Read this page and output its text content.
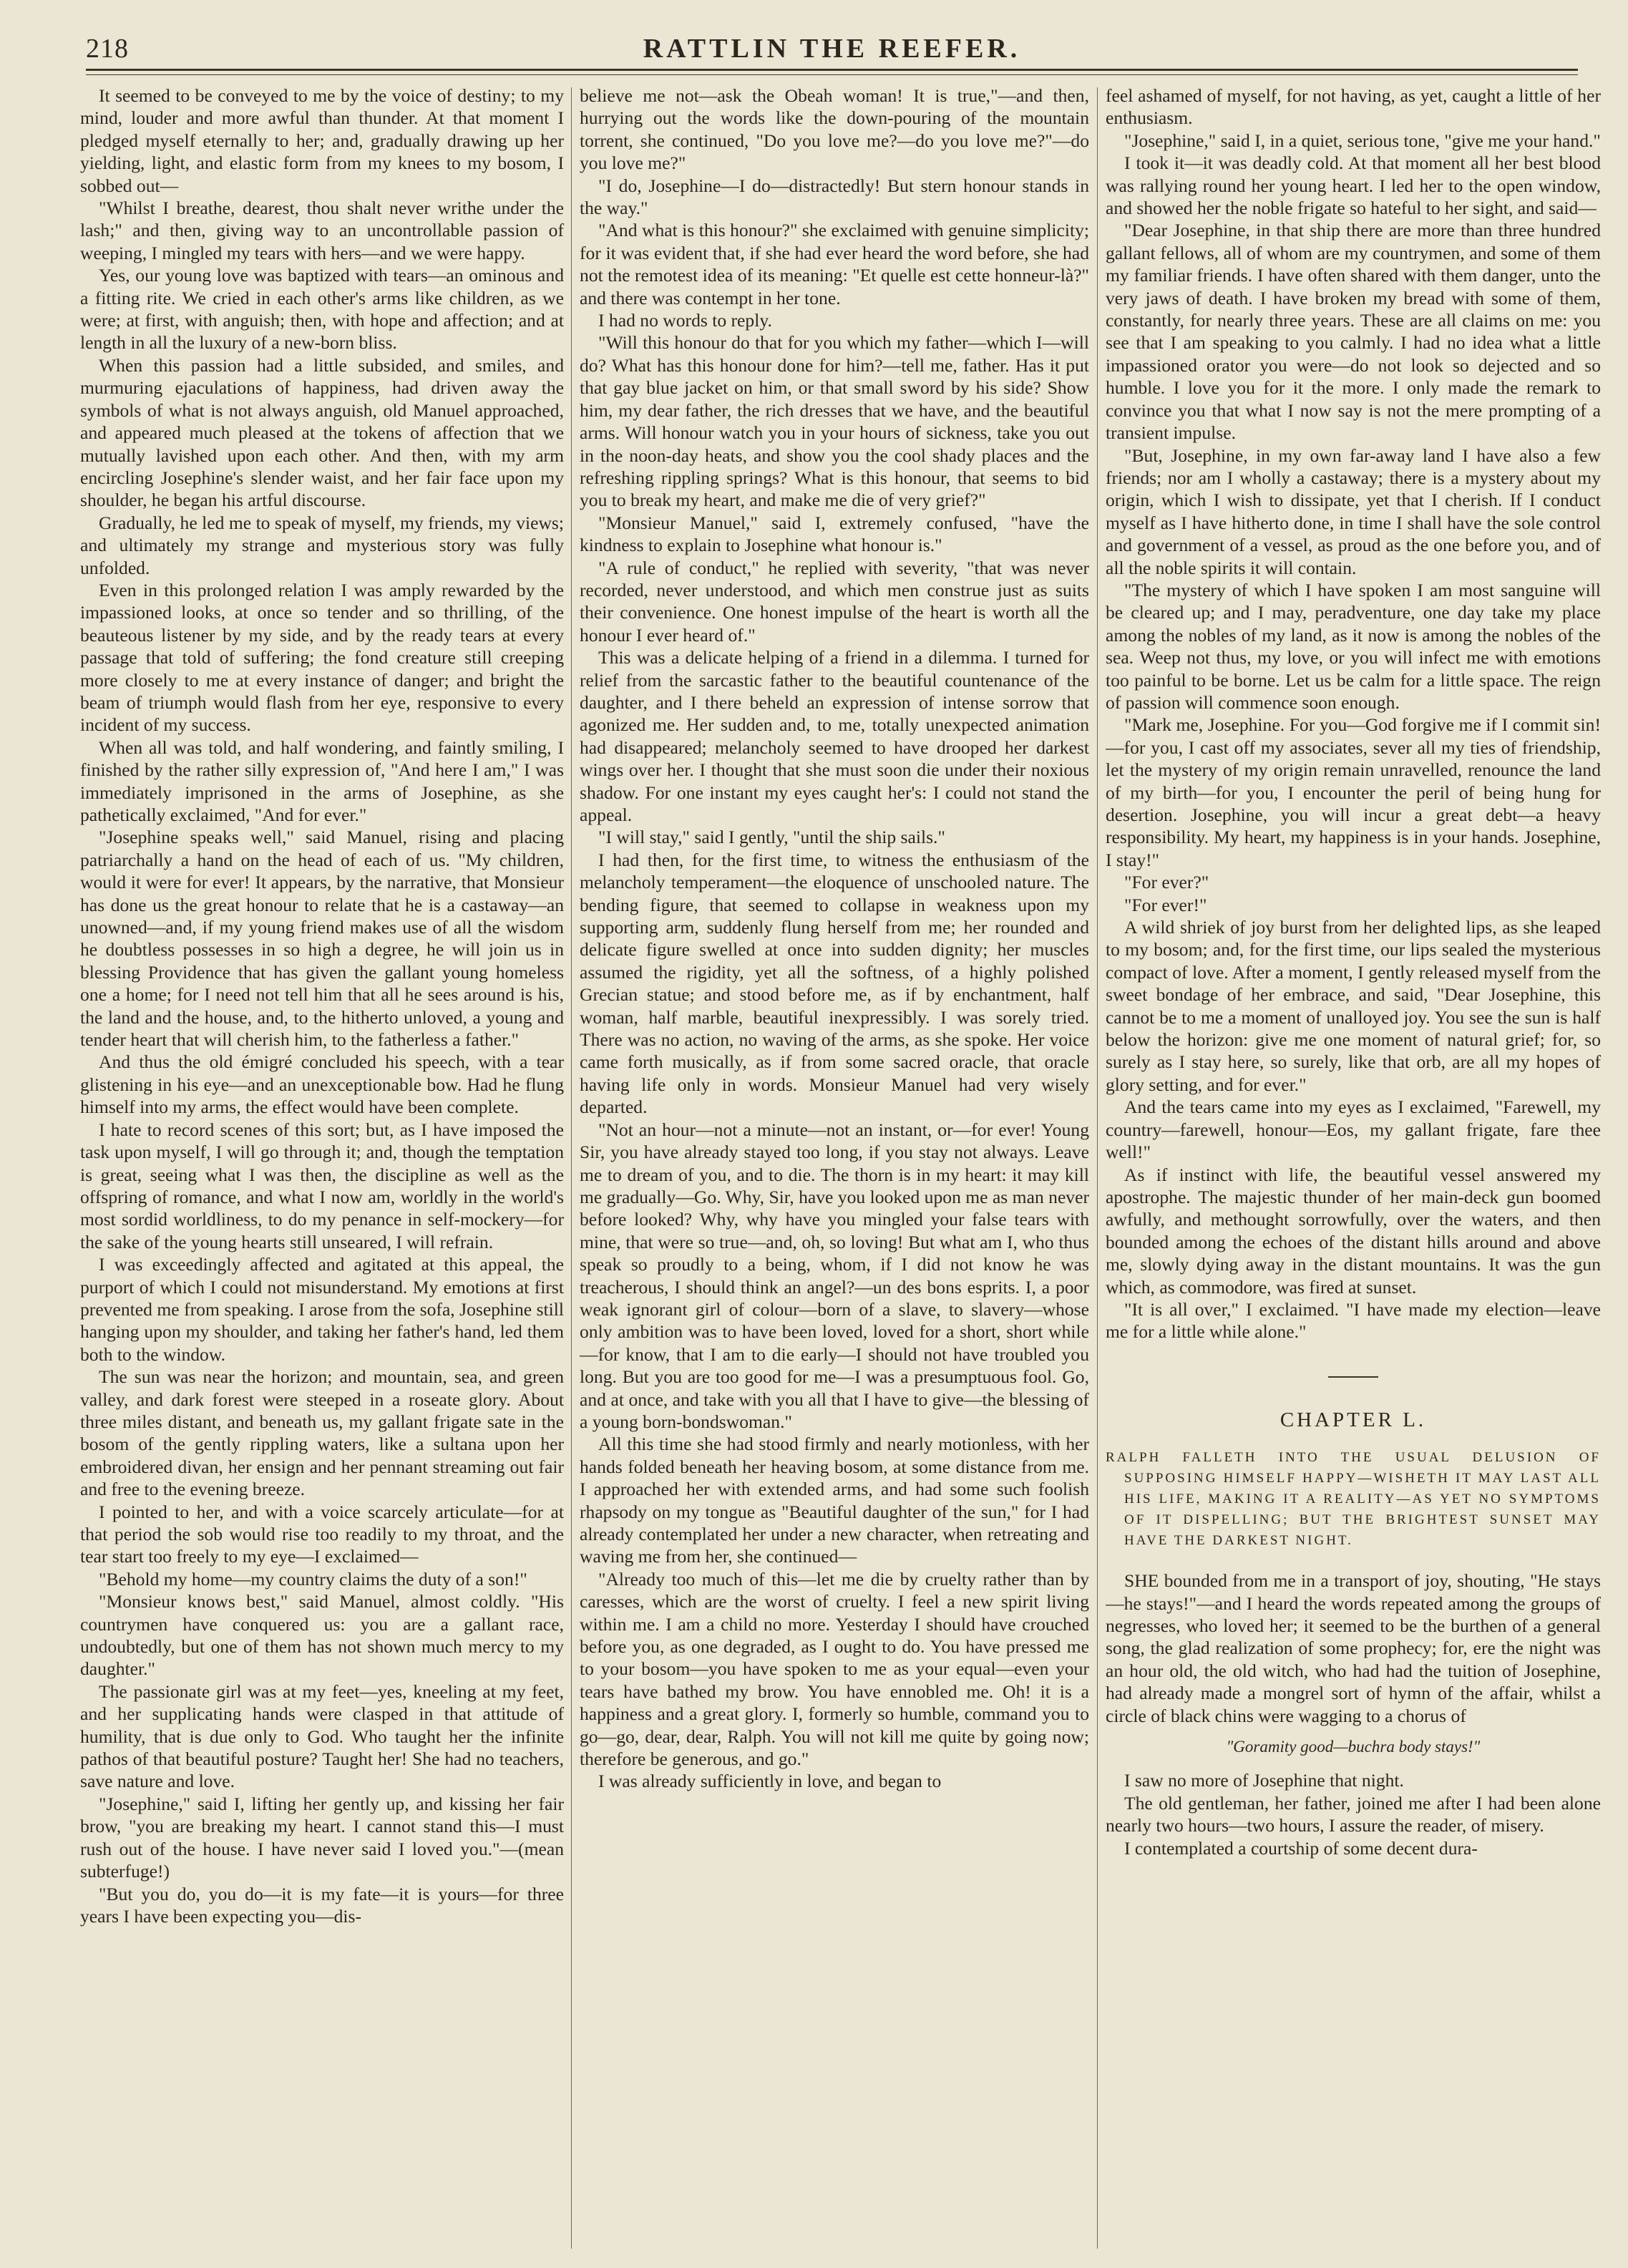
218	RATTLIN THE REEFER.

It seemed to be conveyed to me by the voice of destiny; to my mind, louder and more awful than thunder. At that moment I pledged myself eternally to her; and, gradually drawing up her yielding, light, and elastic form from my knees to my bosom, I sobbed out—

"Whilst I breathe, dearest, thou shalt never writhe under the lash;" and then, giving way to an uncontrollable passion of weeping, I mingled my tears with hers—and we were happy.

Yes, our young love was baptized with tears—an ominous and a fitting rite. We cried in each other's arms like children, as we were; at first, with anguish; then, with hope and affection; and at length in all the luxury of a new-born bliss.

When this passion had a little subsided, and smiles, and murmuring ejaculations of happiness, had driven away the symbols of what is not always anguish, old Manuel approached, and appeared much pleased at the tokens of affection that we mutually lavished upon each other. And then, with my arm encircling Josephine's slender waist, and her fair face upon my shoulder, he began his artful discourse.

Gradually, he led me to speak of myself, my friends, my views; and ultimately my strange and mysterious story was fully unfolded.

Even in this prolonged relation I was amply rewarded by the impassioned looks, at once so tender and so thrilling, of the beauteous listener by my side, and by the ready tears at every passage that told of suffering; the fond creature still creeping more closely to me at every instance of danger; and bright the beam of triumph would flash from her eye, responsive to every incident of my success.

When all was told, and half wondering, and faintly smiling, I finished by the rather silly expression of, "And here I am," I was immediately imprisoned in the arms of Josephine, as she pathetically exclaimed, "And for ever."

"Josephine speaks well," said Manuel, rising and placing patriarchally a hand on the head of each of us. "My children, would it were for ever! It appears, by the narrative, that Monsieur has done us the great honour to relate that he is a castaway—an unowned—and, if my young friend makes use of all the wisdom he doubtless possesses in so high a degree, he will join us in blessing Providence that has given the gallant young homeless one a home; for I need not tell him that all he sees around is his, the land and the house, and, to the hitherto unloved, a young and tender heart that will cherish him, to the fatherless a father."

And thus the old émigré concluded his speech, with a tear glistening in his eye—and an unexceptionable bow. Had he flung himself into my arms, the effect would have been complete.

I hate to record scenes of this sort; but, as I have imposed the task upon myself, I will go through it; and, though the temptation is great, seeing what I was then, the discipline as well as the offspring of romance, and what I now am, worldly in the world's most sordid worldliness, to do my penance in self-mockery—for the sake of the young hearts still unseared, I will refrain.

I was exceedingly affected and agitated at this appeal, the purport of which I could not misunderstand. My emotions at first prevented me from speaking. I arose from the sofa, Josephine still hanging upon my shoulder, and taking her father's hand, led them both to the window.

The sun was near the horizon; and mountain, sea, and green valley, and dark forest were steeped in a roseate glory. About three miles distant, and beneath us, my gallant frigate sate in the bosom of the gently rippling waters, like a sultana upon her embroidered divan, her ensign and her pennant streaming out fair and free to the evening breeze.

I pointed to her, and with a voice scarcely articulate—for at that period the sob would rise too readily to my throat, and the tear start too freely to my eye—I exclaimed—

"Behold my home—my country claims the duty of a son!"

"Monsieur knows best," said Manuel, almost coldly. "His countrymen have conquered us: you are a gallant race, undoubtedly, but one of them has not shown much mercy to my daughter."

The passionate girl was at my feet—yes, kneeling at my feet, and her supplicating hands were clasped in that attitude of humility, that is due only to God. Who taught her the infinite pathos of that beautiful posture? Taught her! She had no teachers, save nature and love.

"Josephine," said I, lifting her gently up, and kissing her fair brow, "you are breaking my heart. I cannot stand this—I must rush out of the house. I have never said I loved you."—(mean subterfuge!)

"But you do, you do—it is my fate—it is yours—for three years I have been expecting you—dis-

believe me not—ask the Obeah woman! It is true,"—and then, hurrying out the words like the down-pouring of the mountain torrent, she continued, "Do you love me?—do you love me?"—do you love me?"

"I do, Josephine—I do—distractedly! But stern honour stands in the way."

"And what is this honour?" she exclaimed with genuine simplicity; for it was evident that, if she had ever heard the word before, she had not the remotest idea of its meaning: "Et quelle est cette honneur-là?" and there was contempt in her tone.

I had no words to reply.

"Will this honour do that for you which my father—which I—will do? What has this honour done for him?—tell me, father. Has it put that gay blue jacket on him, or that small sword by his side? Show him, my dear father, the rich dresses that we have, and the beautiful arms. Will honour watch you in your hours of sickness, take you out in the noon-day heats, and show you the cool shady places and the refreshing rippling springs? What is this honour, that seems to bid you to break my heart, and make me die of very grief?"

"Monsieur Manuel," said I, extremely confused, "have the kindness to explain to Josephine what honour is."

"A rule of conduct," he replied with severity, "that was never recorded, never understood, and which men construe just as suits their convenience. One honest impulse of the heart is worth all the honour I ever heard of."

This was a delicate helping of a friend in a dilemma. I turned for relief from the sarcastic father to the beautiful countenance of the daughter, and I there beheld an expression of intense sorrow that agonized me. Her sudden and, to me, totally unexpected animation had disappeared; melancholy seemed to have drooped her darkest wings over her. I thought that she must soon die under their noxious shadow. For one instant my eyes caught her's: I could not stand the appeal.

"I will stay," said I gently, "until the ship sails."

I had then, for the first time, to witness the enthusiasm of the melancholy temperament—the eloquence of unschooled nature. The bending figure, that seemed to collapse in weakness upon my supporting arm, suddenly flung herself from me; her rounded and delicate figure swelled at once into sudden dignity; her muscles assumed the rigidity, yet all the softness, of a highly polished Grecian statue; and stood before me, as if by enchantment, half woman, half marble, beautiful inexpressibly. I was sorely tried. There was no action, no waving of the arms, as she spoke. Her voice came forth musically, as if from some sacred oracle, that oracle having life only in words. Monsieur Manuel had very wisely departed.

"Not an hour—not a minute—not an instant, or—for ever! Young Sir, you have already stayed too long, if you stay not always. Leave me to dream of you, and to die. The thorn is in my heart: it may kill me gradually—Go. Why, Sir, have you looked upon me as man never before looked? Why, why have you mingled your false tears with mine, that were so true—and, oh, so loving! But what am I, who thus speak so proudly to a being, whom, if I did not know he was treacherous, I should think an angel?—un des bons esprits. I, a poor weak ignorant girl of colour—born of a slave, to slavery—whose only ambition was to have been loved, loved for a short, short while—for know, that I am to die early—I should not have troubled you long. But you are too good for me—I was a presumptuous fool. Go, and at once, and take with you all that I have to give—the blessing of a young born-bondswoman."

All this time she had stood firmly and nearly motionless, with her hands folded beneath her heaving bosom, at some distance from me. I approached her with extended arms, and had some such foolish rhapsody on my tongue as "Beautiful daughter of the sun," for I had already contemplated her under a new character, when retreating and waving me from her, she continued—

"Already too much of this—let me die by cruelty rather than by caresses, which are the worst of cruelty. I feel a new spirit living within me. I am a child no more. Yesterday I should have crouched before you, as one degraded, as I ought to do. You have pressed me to your bosom—you have spoken to me as your equal—even your tears have bathed my brow. You have ennobled me. Oh! it is a happiness and a great glory. I, formerly so humble, command you to go—go, dear, dear, Ralph. You will not kill me quite by going now; therefore be generous, and go."

I was already sufficiently in love, and began to

feel ashamed of myself, for not having, as yet, caught a little of her enthusiasm.

"Josephine," said I, in a quiet, serious tone, "give me your hand."

I took it—it was deadly cold. At that moment all her best blood was rallying round her young heart. I led her to the open window, and showed her the noble frigate so hateful to her sight, and said—

"Dear Josephine, in that ship there are more than three hundred gallant fellows, all of whom are my countrymen, and some of them my familiar friends. I have often shared with them danger, unto the very jaws of death. I have broken my bread with some of them, constantly, for nearly three years. These are all claims on me: you see that I am speaking to you calmly. I had no idea what a little impassioned orator you were—do not look so dejected and so humble. I love you for it the more. I only made the remark to convince you that what I now say is not the mere prompting of a transient impulse.

"But, Josephine, in my own far-away land I have also a few friends; nor am I wholly a castaway; there is a mystery about my origin, which I wish to dissipate, yet that I cherish. If I conduct myself as I have hitherto done, in time I shall have the sole control and government of a vessel, as proud as the one before you, and of all the noble spirits it will contain.

"The mystery of which I have spoken I am most sanguine will be cleared up; and I may, peradventure, one day take my place among the nobles of my land, as it now is among the nobles of the sea. Weep not thus, my love, or you will infect me with emotions too painful to be borne. Let us be calm for a little space. The reign of passion will commence soon enough.

"Mark me, Josephine. For you—God forgive me if I commit sin!—for you, I cast off my associates, sever all my ties of friendship, let the mystery of my origin remain unravelled, renounce the land of my birth—for you, I encounter the peril of being hung for desertion. Josephine, you will incur a great debt—a heavy responsibility. My heart, my happiness is in your hands. Josephine, I stay!"

"For ever?"

"For ever!"

A wild shriek of joy burst from her delighted lips, as she leaped to my bosom; and, for the first time, our lips sealed the mysterious compact of love. After a moment, I gently released myself from the sweet bondage of her embrace, and said, "Dear Josephine, this cannot be to me a moment of unalloyed joy. You see the sun is half below the horizon: give me one moment of natural grief; for, so surely as I stay here, so surely, like that orb, are all my hopes of glory setting, and for ever."

And the tears came into my eyes as I exclaimed, "Farewell, my country—farewell, honour—Eos, my gallant frigate, fare thee well!"

As if instinct with life, the beautiful vessel answered my apostrophe. The majestic thunder of her main-deck gun boomed awfully, and methought sorrowfully, over the waters, and then bounded among the echoes of the distant hills around and above me, slowly dying away in the distant mountains. It was the gun which, as commodore, was fired at sunset.

"It is all over," I exclaimed. "I have made my election—leave me for a little while alone."

CHAPTER L.
RALPH FALLETH INTO THE USUAL DELUSION OF SUPPOSING HIMSELF HAPPY—WISHETH IT MAY LAST ALL HIS LIFE, MAKING IT A REALITY—AS YET NO SYMPTOMS OF IT DISPELLING; BUT THE BRIGHTEST SUNSET MAY HAVE THE DARKEST NIGHT.

SHE bounded from me in a transport of joy, shouting, "He stays—he stays!"—and I heard the words repeated among the groups of negresses, who loved her; it seemed to be the burthen of a general song, the glad realization of some prophecy; for, ere the night was an hour old, the old witch, who had had the tuition of Josephine, had already made a mongrel sort of hymn of the affair, whilst a circle of black chins were wagging to a chorus of

"Goramity good—buchra body stays!"

I saw no more of Josephine that night.

The old gentleman, her father, joined me after I had been alone nearly two hours—two hours, I assure the reader, of misery.

I contemplated a courtship of some decent dura-
